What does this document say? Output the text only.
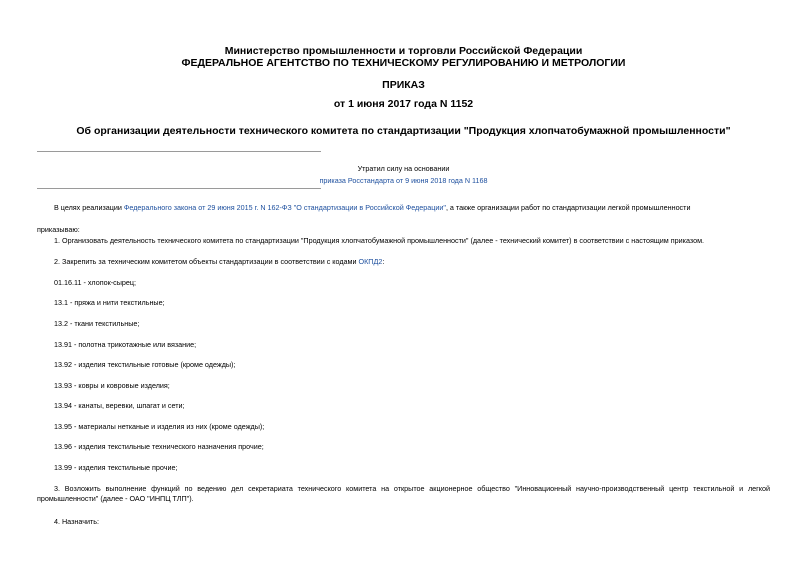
Министерство промышленности и торговли Российской Федерации
ФЕДЕРАЛЬНОЕ АГЕНТСТВО ПО ТЕХНИЧЕСКОМУ РЕГУЛИРОВАНИЮ И МЕТРОЛОГИИ
ПРИКАЗ
от 1 июня 2017 года N 1152
Об организации деятельности технического комитета по стандартизации "Продукция хлопчатобумажной промышленности"
Утратил силу на основании
приказа Росстандарта от 9 июня 2018 года N 1168
В целях реализации Федерального закона от 29 июня 2015 г. N 162-ФЗ "О стандартизации в Российской Федерации", а также организации работ по стандартизации легкой промышленности
приказываю:
1. Организовать деятельность технического комитета по стандартизации "Продукция хлопчатобумажной промышленности" (далее - технический комитет) в соответствии с настоящим приказом.
2. Закрепить за техническим комитетом объекты стандартизации в соответствии с кодами ОКПД2:
01.16.11 - хлопок-сырец;
13.1 - пряжа и нити текстильные;
13.2 - ткани текстильные;
13.91 - полотна трикотажные или вязание;
13.92 - изделия текстильные готовые (кроме одежды);
13.93 - ковры и ковровые изделия;
13.94 - канаты, веревки, шпагат и сети;
13.95 - материалы нетканые и изделия из них (кроме одежды);
13.96 - изделия текстильные технического назначения прочие;
13.99 - изделия текстильные прочие;
3. Возложить выполнение функций по ведению дел секретариата технического комитета на открытое акционерное общество "Инновационный научно-производственный центр текстильной и легкой промышленности" (далее - ОАО "ИНПЦ ТЛП").
4. Назначить:
